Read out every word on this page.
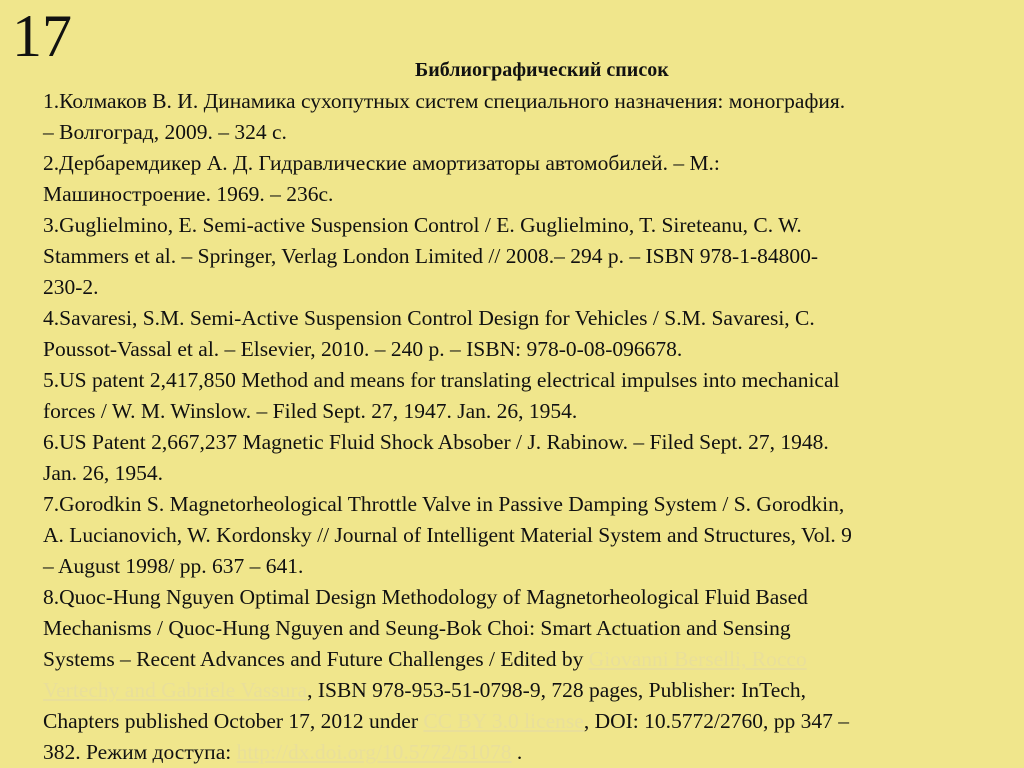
17
Библиографический список
1.Колмаков В. И. Динамика сухопутных систем специального назначения: монография.
– Волгоград, 2009. – 324 с.
2.Дербаремдикер А. Д. Гидравлические амортизаторы автомобилей. – М.:
Машиностроение. 1969. – 236с.
3.Guglielmino, E. Semi-active Suspension Control / E. Guglielmino, T. Sireteanu, C. W.
Stammers et al. – Springer, Verlag London Limited // 2008.– 294 p. – ISBN 978-1-84800-
230-2.
4.Savaresi, S.M. Semi-Active Suspension Control Design for Vehicles / S.M. Savaresi, C.
Poussot-Vassal et al. – Elsevier, 2010. – 240 p. – ISBN: 978-0-08-096678.
5.US patent 2,417,850 Method and means for translating electrical impulses into mechanical
forces / W. M. Winslow. – Filed Sept. 27, 1947. Jan. 26, 1954.
6.US Patent 2,667,237 Magnetic Fluid Shock Absober / J. Rabinow. – Filed Sept. 27, 1948.
Jan. 26, 1954.
7.Gorodkin S. Magnetorheological Throttle Valve in Passive Damping System / S. Gorodkin,
A. Lucianovich, W. Kordonsky // Journal of Intelligent Material System and Structures, Vol. 9
– August 1998/ pp. 637 – 641.
8.Quoc-Hung Nguyen Optimal Design Methodology of Magnetorheological Fluid Based
Mechanisms / Quoc-Hung Nguyen and Seung-Bok Choi: Smart Actuation and Sensing
Systems – Recent Advances and Future Challenges / Edited by Giovanni Berselli, Rocco
Vertechy and Gabriele Vassura, ISBN 978-953-51-0798-9, 728 pages, Publisher: InTech,
Chapters published October 17, 2012 under CC BY 3.0 license, DOI: 10.5772/2760, pp 347 –
382. Режим доступа: http://dx.doi.org/10.5772/51078 .
